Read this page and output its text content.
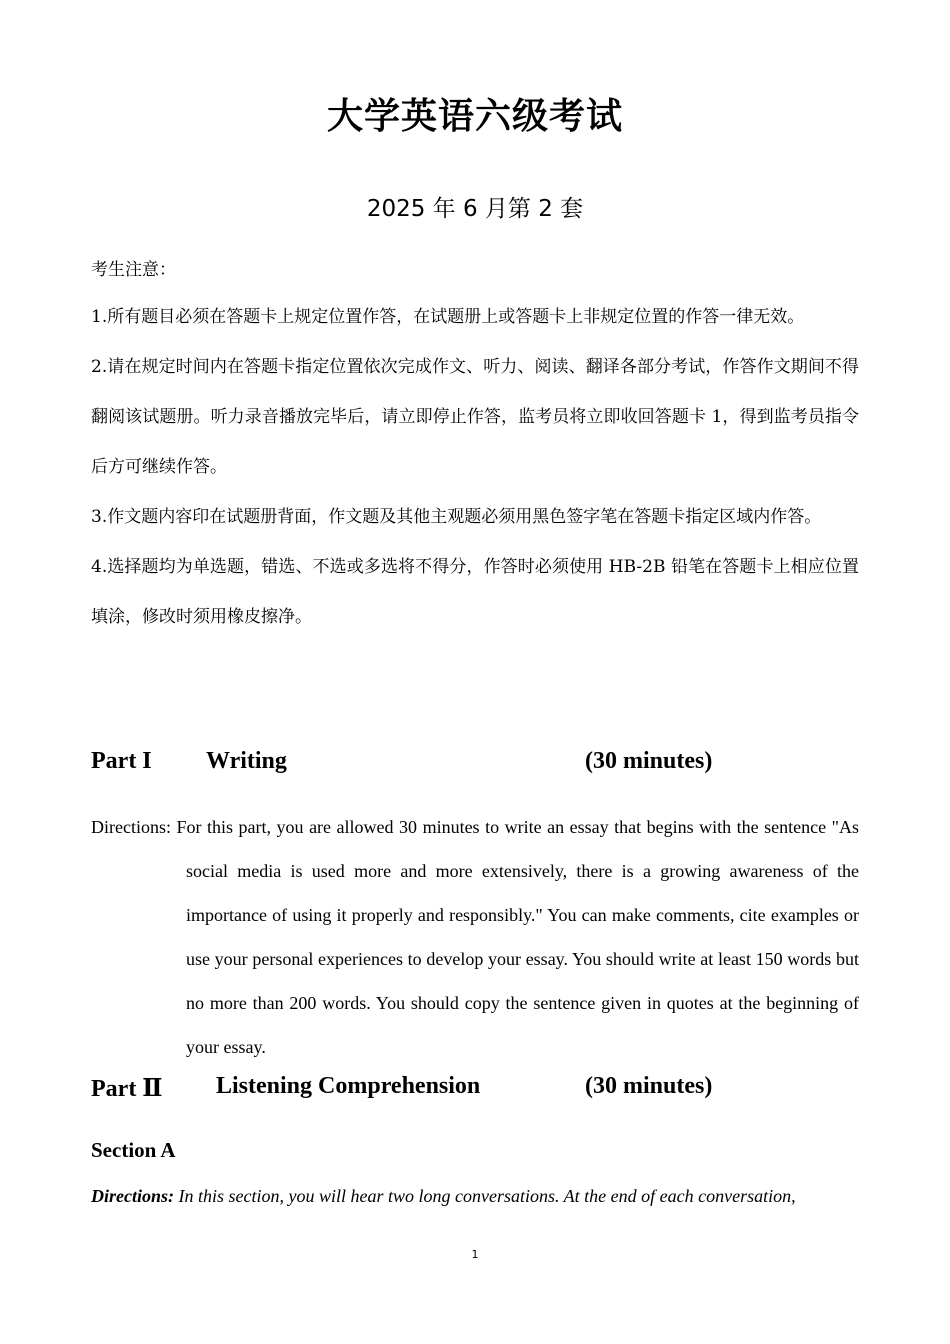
大学英语六级考试
2025 年 6 月第 2 套
考生注意：

1.所有题目必须在答题卡上规定位置作答，在试题册上或答题卡上非规定位置的作答一律无效。

2.请在规定时间内在答题卡指定位置依次完成作文、听力、阅读、翻译各部分考试，作答作文期间不得翻阅该试题册。听力录音播放完毕后，请立即停止作答，监考员将立即收回答题卡 1，得到监考员指令后方可继续作答。

3.作文题内容印在试题册背面，作文题及其他主观题必须用黑色签字笔在答题卡指定区域内作答。

4.选择题均为单选题，错选、不选或多选将不得分，作答时必须使用 HB-2B 铅笔在答题卡上相应位置填涂，修改时须用橡皮擦净。

Part I Writing	(30 minutes)

Directions: For this part, you are allowed 30 minutes to write an essay that begins with the sentence "As social media is used more and more extensively, there is a growing awareness of the importance of using it properly and responsibly." You can make comments, cite examples or use your personal experiences to develop your essay. You should write at least 150 words but no more than 200 words. You should copy the sentence given in quotes at the beginning of your essay.

Part Ⅱ Listening Comprehension	(30 minutes)
Section A
Directions: In this section, you will hear two long conversations. At the end of each conversation,
1
